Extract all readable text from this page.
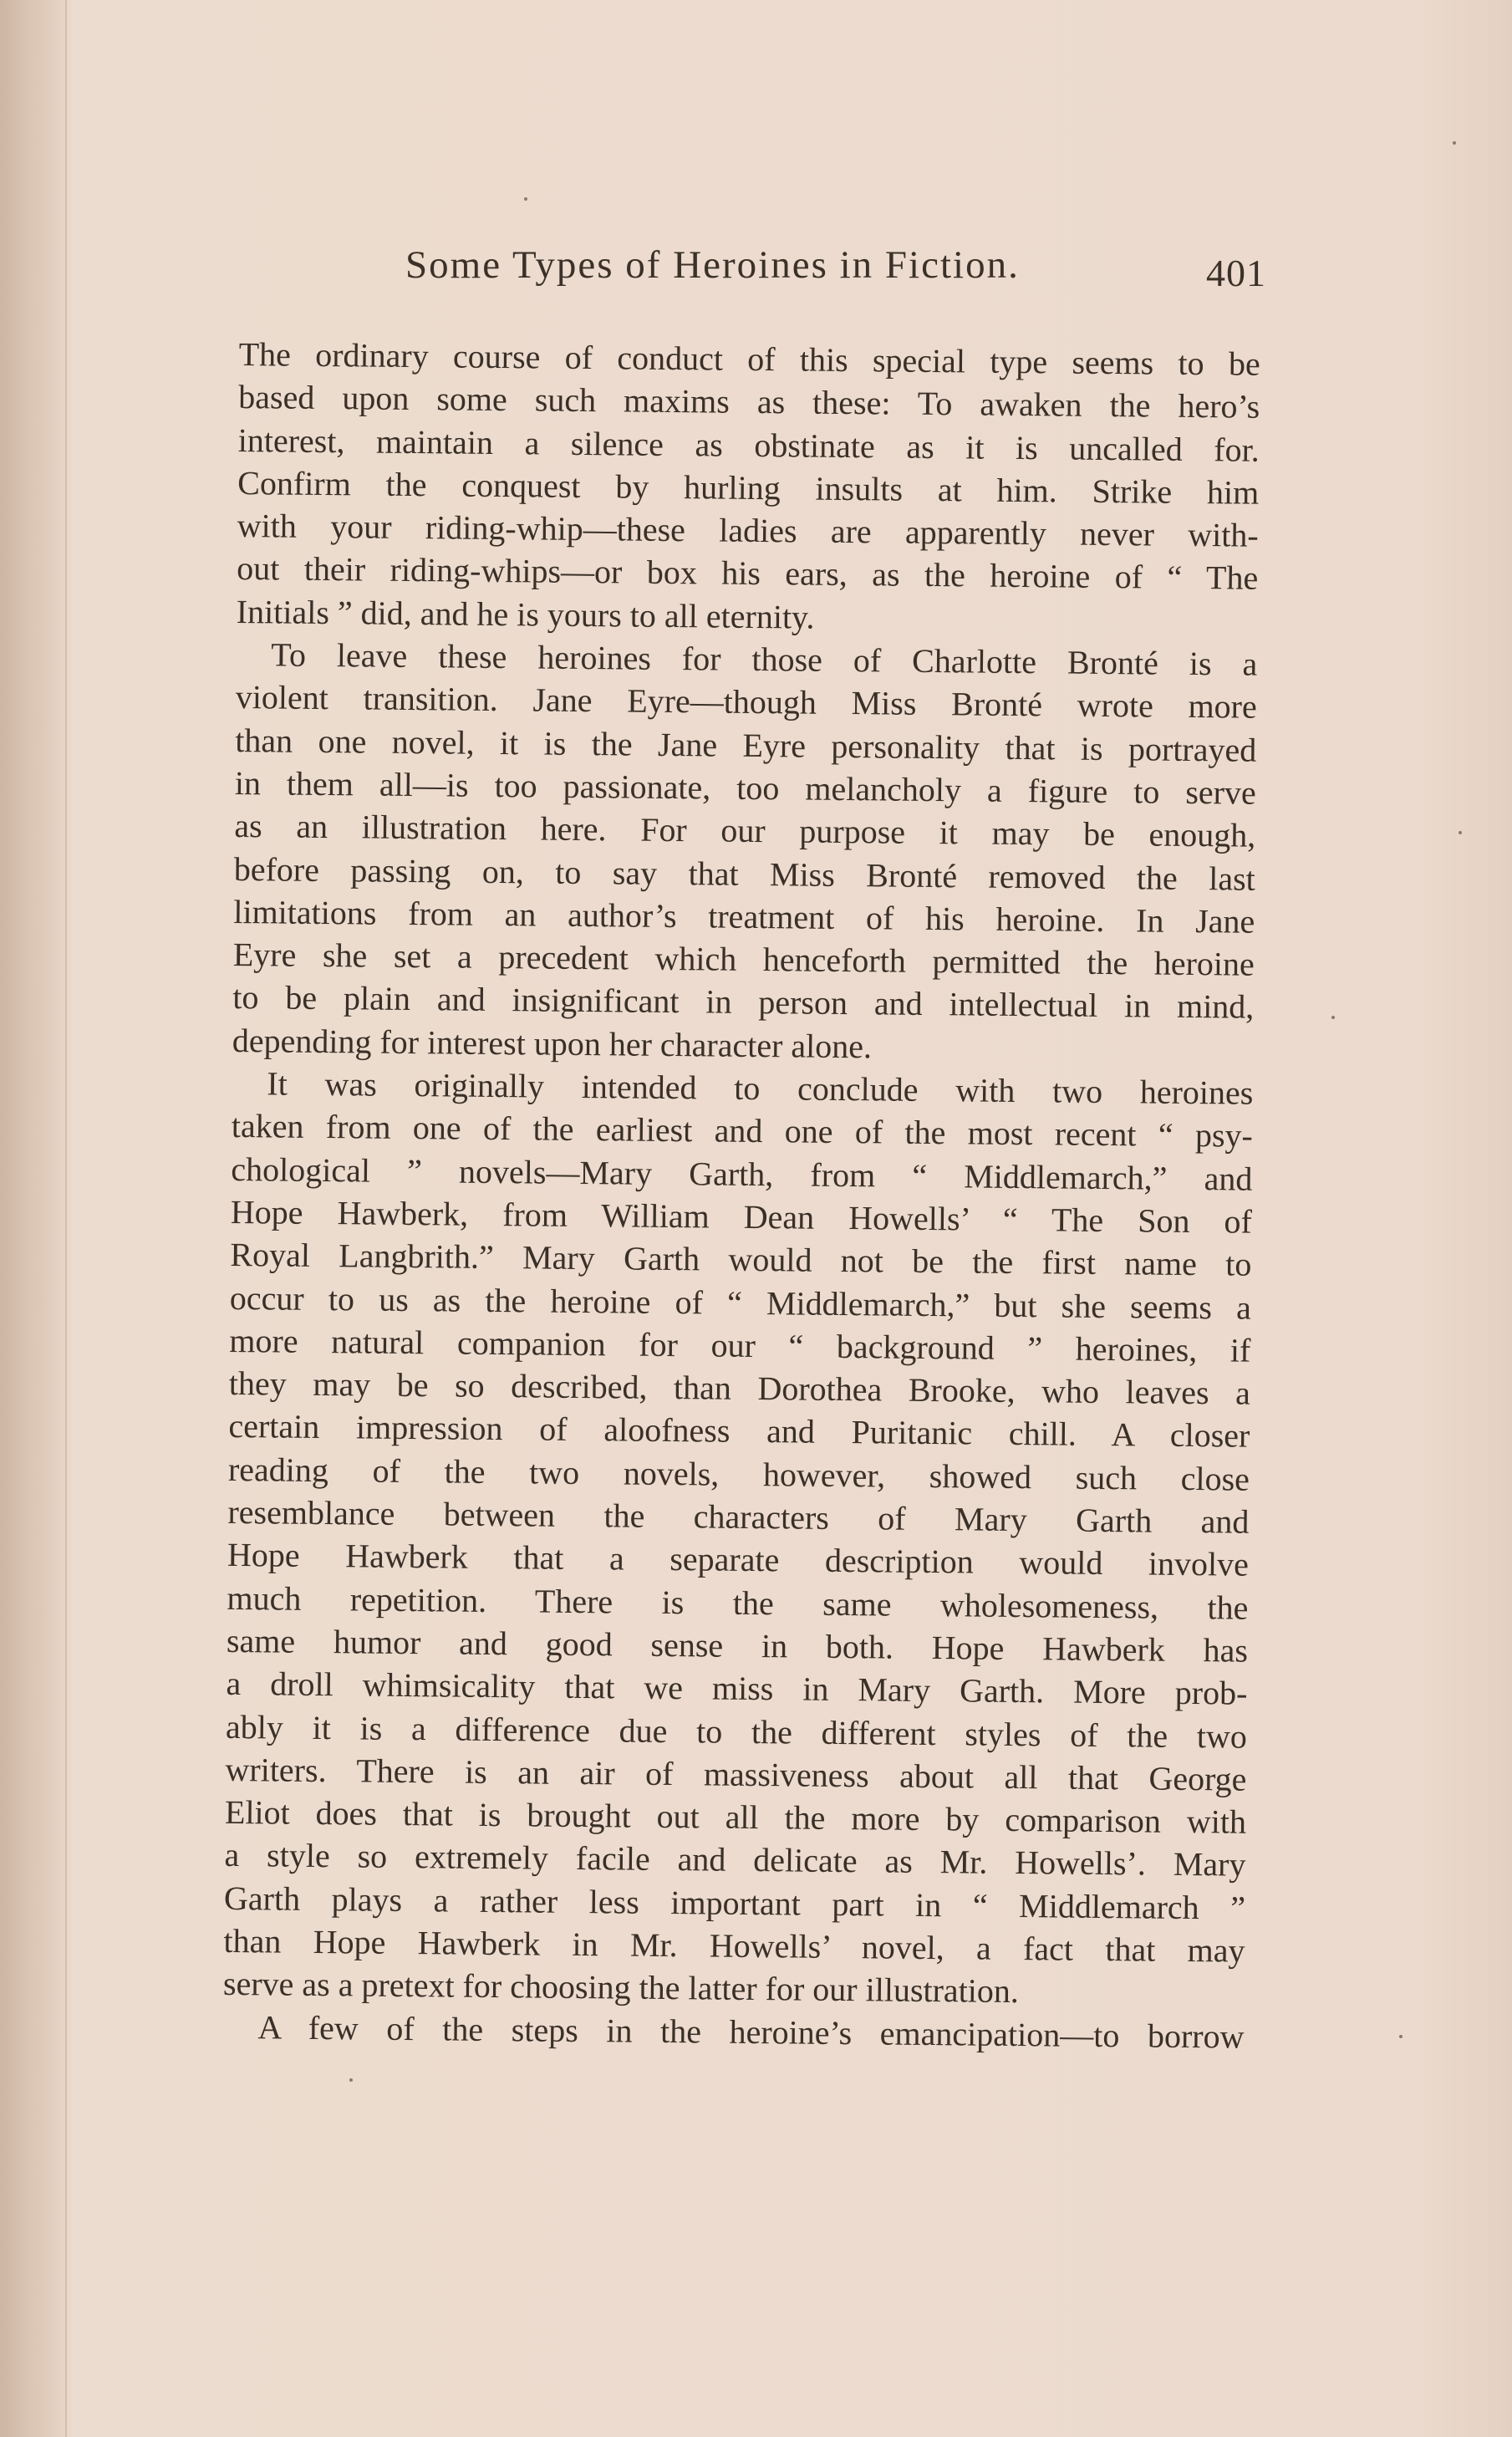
Some Types of Heroines in Fiction.	401
The ordinary course of conduct of this special type seems to be
based upon some such maxims as these: To awaken the hero’s
interest, maintain a silence as obstinate as it is uncalled for.
Confirm the conquest by hurling insults at him. Strike him
with your riding-whip—these ladies are apparently never with-
out their riding-whips—or box his ears, as the heroine of “ The
Initials ” did, and he is yours to all eternity.
To leave these heroines for those of Charlotte Bronté is a
violent transition. Jane Eyre—though Miss Bronté wrote more
than one novel, it is the Jane Eyre personality that is portrayed
in them all—is too passionate, too melancholy a figure to serve
as an illustration here. For our purpose it may be enough,
before passing on, to say that Miss Bronté removed the last
limitations from an author’s treatment of his heroine. In Jane
Eyre she set a precedent which henceforth permitted the heroine
to be plain and insignificant in person and intellectual in mind,
depending for interest upon her character alone.
It was originally intended to conclude with two heroines
taken from one of the earliest and one of the most recent “ psy-
chological ” novels—Mary Garth, from “ Middlemarch,” and
Hope Hawberk, from William Dean Howells’ “ The Son of
Royal Langbrith.” Mary Garth would not be the first name to
occur to us as the heroine of “ Middlemarch,” but she seems a
more natural companion for our “ background ” heroines, if
they may be so described, than Dorothea Brooke, who leaves a
certain impression of aloofness and Puritanic chill. A closer
reading of the two novels, however, showed such close
resemblance between the characters of Mary Garth and
Hope Hawberk that a separate description would involve
much repetition. There is the same wholesomeness, the
same humor and good sense in both. Hope Hawberk has
a droll whimsicality that we miss in Mary Garth. More prob-
ably it is a difference due to the different styles of the two
writers. There is an air of massiveness about all that George
Eliot does that is brought out all the more by comparison with
a style so extremely facile and delicate as Mr. Howells’. Mary
Garth plays a rather less important part in “ Middlemarch ”
than Hope Hawberk in Mr. Howells’ novel, a fact that may
serve as a pretext for choosing the latter for our illustration.
A few of the steps in the heroine’s emancipation—to borrow
